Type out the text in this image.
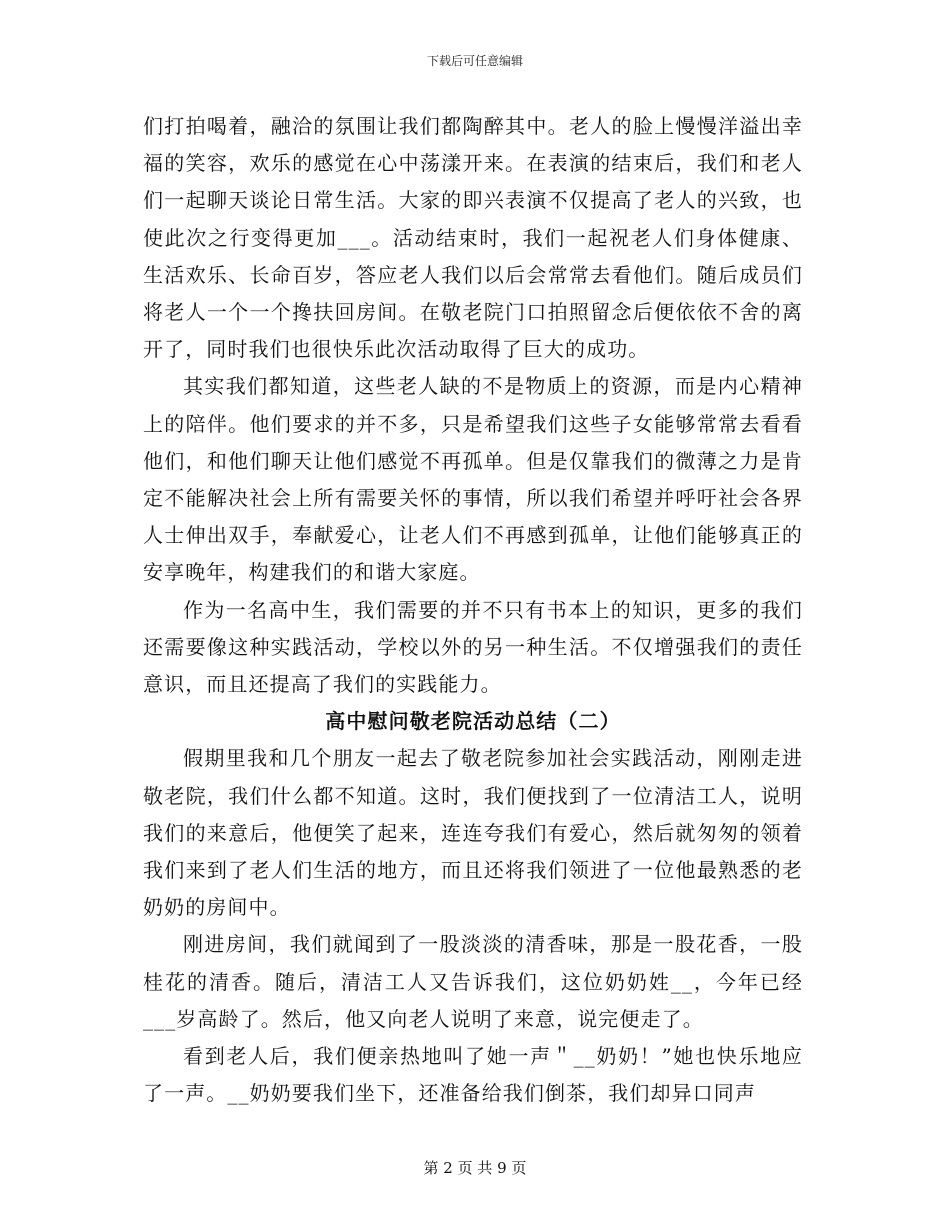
下载后可任意编辑

们打拍喝着，融洽的氛围让我们都陶醉其中。老人的脸上慢慢洋溢出幸福的笑容，欢乐的感觉在心中荡漾开来。在表演的结束后，我们和老人们一起聊天谈论日常生活。大家的即兴表演不仅提高了老人的兴致，也使此次之行变得更加___。活动结束时，我们一起祝老人们身体健康、生活欢乐、长命百岁，答应老人我们以后会常常去看他们。随后成员们将老人一个一个搀扶回房间。在敬老院门口拍照留念后便依依不舍的离开了，同时我们也很快乐此次活动取得了巨大的成功。

其实我们都知道，这些老人缺的不是物质上的资源，而是内心精神上的陪伴。他们要求的并不多，只是希望我们这些子女能够常常去看看他们，和他们聊天让他们感觉不再孤单。但是仅靠我们的微薄之力是肯定不能解决社会上所有需要关怀的事情，所以我们希望并呼吁社会各界人士伸出双手，奉献爱心，让老人们不再感到孤单，让他们能够真正的安享晚年，构建我们的和谐大家庭。

作为一名高中生，我们需要的并不只有书本上的知识，更多的我们还需要像这种实践活动，学校以外的另一种生活。不仅增强我们的责任意识，而且还提高了我们的实践能力。

高中慰问敬老院活动总结（二）

假期里我和几个朋友一起去了敬老院参加社会实践活动，刚刚走进敬老院，我们什么都不知道。这时，我们便找到了一位清洁工人，说明我们的来意后，他便笑了起来，连连夸我们有爱心，然后就匆匆的领着我们来到了老人们生活的地方，而且还将我们领进了一位他最熟悉的老奶奶的房间中。

刚进房间，我们就闻到了一股淡淡的清香味，那是一股花香，一股桂花的清香。随后，清洁工人又告诉我们，这位奶奶姓__，今年已经___岁高龄了。然后，他又向老人说明了来意，说完便走了。

看到老人后，我们便亲热地叫了她一声＂__奶奶！”她也快乐地应了一声。__奶奶要我们坐下，还准备给我们倒茶，我们却异口同声

第 2 页 共 9 页
